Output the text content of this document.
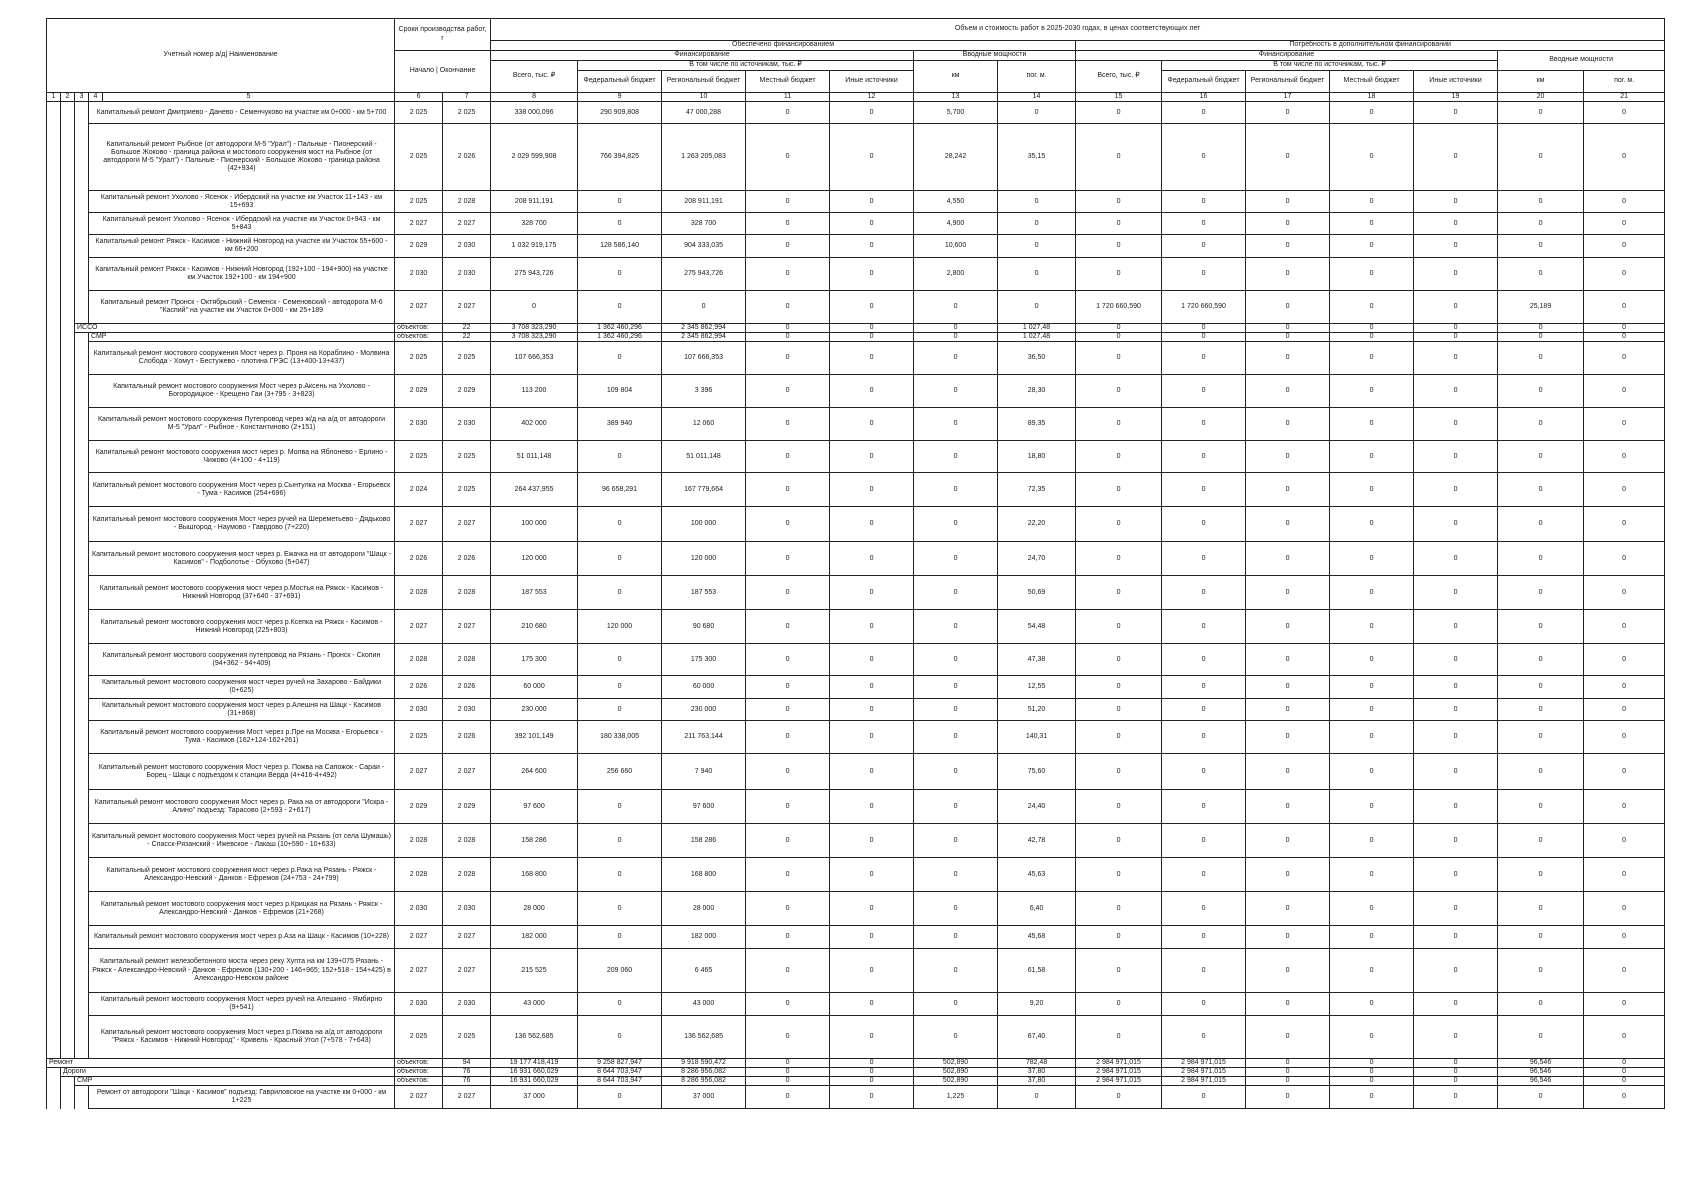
Учетный номер а/д| Наименование					Сроки производства работ, г		Объем и стоимость работ в 2025-2030 годах, в ценах соответствующих лет													
							Обеспечено финансированием							Потребность в дополнительном финансировании						
					Начало | Окончание		Финансирование					Вводные мощности		Финансирование					Вводные мощности	
							Всего, тыс. ₽	В том числе по источникам, тыс. ₽				км	пог. м.	Всего, тыс. ₽	В том числе по источникам, тыс. ₽					
								Федеральный бюджет	Региональный бюджет	Местный бюджет	Иные источники				Федеральный бюджет	Региональный бюджет	Местный бюджет	Иные источники	км	пог. м.
1	2	3	4	5	6	7	8	9	10	11	12	13	14	15	16	17	18	19	20	21
			Капитальный ремонт Дмитриево - Данево - Семенчуково на участке км 0+000 - км 5+700		2 025	2 025	338 000,096	290 909,808	47 000,288	0	0	5,700	0	0	0	0	0	0	0	0
			Капитальный ремонт Рыбное (от автодороги М-5 "Урал") - Пальные - Пионерский - Большое Жоково - граница района и мостового сооружения мост на Рыбное (от автодороги М-5 "Урал") - Пальные - Пионерский - Большое Жоково - граница района (42+934)		2 025	2 026	2 029 599,908	766 394,825	1 263 205,083	0	0	28,242	35,15	0	0	0	0	0	0	0
			Капитальный ремонт Ухолово - Ясенок - Ибердский на участке км Участок 11+143 - км 15+693		2 025	2 028	208 911,191	0	208 911,191	0	0	4,550	0	0	0	0	0	0	0	0
			Капитальный ремонт Ухолово - Ясенок - Ибердский на участке км Участок 0+943 - км 5+843		2 027	2 027	328 700	0	328 700	0	0	4,900	0	0	0	0	0	0	0	0
			Капитальный ремонт Ряжск - Касимов - Нижний Новгород на участке км Участок 55+600 - км 66+200		2 029	2 030	1 032 919,175	128 586,140	904 333,035	0	0	10,600	0	0	0	0	0	0	0	0
			Капитальный ремонт Ряжск - Касимов - Нижний Новгород (192+100 - 194+900) на участке км Участок 192+100 - км 194+900		2 030	2 030	275 943,726	0	275 943,726	0	0	2,800	0	0	0	0	0	0	0	0
			Капитальный ремонт Пронск - Октябрьский - Семенск - Семеновский - автодорога М-6 "Каспий" на участке км Участок 0+000 - км 25+189		2 027	2 027	0	0	0	0	0	0	0	1 720 660,590	1 720 660,590	0	0	0	25,189	0
		ИССО			объектов:	22	3 708 323,290	1 362 460,296	2 345 862,994	0	0	0	1 027,48	0	0	0	0	0	0	0
			СМР		объектов:	22	3 708 323,290	1 362 460,296	2 345 862,994	0	0	0	1 027,48	0	0	0	0	0	0	0
			Капитальный ремонт мостового сооружения Мост через р. Проня на Кораблино - Молвина Слобода - Хомут - Бестужево - плотина ГРЭС (13+400-13+437)		2 025	2 025	107 666,353	0	107 666,353	0	0	0	36,50	0	0	0	0	0	0	0
			Капитальный ремонт мостового сооружения Мост через р.Аксень на Ухолово - Богородицкое - Крещено Гаи (3+795 - 3+823)		2 029	2 029	113 200	109 804	3 396	0	0	0	28,30	0	0	0	0	0	0	0
			Капитальный ремонт мостового сооружения Путепровод через ж/д на а/д от автодороги М-5 "Урал" - Рыбное - Константиново (2+151)		2 030	2 030	402 000	389 940	12 060	0	0	0	89,35	0	0	0	0	0	0	0
			Капитальный ремонт мостового сооружения мост через р. Молва на Яблонево - Ерлино - Чижово (4+100 - 4+119)		2 025	2 025	51 011,148	0	51 011,148	0	0	0	18,80	0	0	0	0	0	0	0
			Капитальный ремонт мостового сооружения Мост через р.Сынтулка на Москва - Егорьевск - Тума - Касимов (254+696)		2 024	2 025	264 437,955	96 658,291	167 779,664	0	0	0	72,35	0	0	0	0	0	0	0
			Капитальный ремонт мостового сооружения Мост через ручей на Шереметьево - Дядьково - Вышгород - Наумово - Гаврдово (7+220)		2 027	2 027	100 000	0	100 000	0	0	0	22,20	0	0	0	0	0	0	0
			Капитальный ремонт мостового сооружения мост через р. Ежачка на от автодороги "Шацк - Касимов" - Подболотье - Обухово (5+047)		2 026	2 026	120 000	0	120 000	0	0	0	24,70	0	0	0	0	0	0	0
			Капитальный ремонт мостового сооружения мост через р.Мостья на Ряжск - Касимов - Нижний Новгород (37+640 - 37+691)		2 028	2 028	187 553	0	187 553	0	0	0	50,69	0	0	0	0	0	0	0
			Капитальный ремонт мостового сооружения мост через р.Ксепка на Ряжск - Касимов - Нижний Новгород (225+803)		2 027	2 027	210 680	120 000	90 680	0	0	0	54,48	0	0	0	0	0	0	0
			Капитальный ремонт мостового сооружения путепровод на Рязань - Пронск - Скопин (94+362 - 94+409)		2 028	2 028	175 300	0	175 300	0	0	0	47,38	0	0	0	0	0	0	0
			Капитальный ремонт мостового сооружения мост через ручей на Захарово - Байдики (0+625)		2 026	2 026	60 000	0	60 000	0	0	0	12,55	0	0	0	0	0	0	0
			Капитальный ремонт мостового сооружения мост через р.Алешня на Шацк - Касимов (31+868)		2 030	2 030	230 000	0	230 000	0	0	0	51,20	0	0	0	0	0	0	0
			Капитальный ремонт мостового сооружения Мост через р.Пре на Москва - Егорьевск - Тума - Касимов (162+124-162+261)		2 025	2 026	392 101,149	180 338,005	211 763,144	0	0	0	140,31	0	0	0	0	0	0	0
			Капитальный ремонт мостового сооружения Мост через р. Пожва на Сапожок - Сараи - Борец - Шацк с подъездом к станции Верда (4+416-4+492)		2 027	2 027	264 600	256 660	7 940	0	0	0	75,60	0	0	0	0	0	0	0
			Капитальный ремонт мостового сооружения Мост через р. Рака на от автодороги "Искра - Алино" подъезд: Тарасово (2+593 - 2+617)		2 029	2 029	97 600	0	97 600	0	0	0	24,40	0	0	0	0	0	0	0
			Капитальный ремонт мостового сооружения Мост через ручей на Рязань (от села Шумашь) - Спасск-Рязанский - Ижевское - Лакаш (10+590 - 10+633)		2 028	2 028	158 286	0	158 286	0	0	0	42,78	0	0	0	0	0	0	0
			Капитальный ремонт мостового сооружения мост через р.Рака на Рязань - Ряжск - Александро-Невский - Данков - Ефремов (24+753 - 24+799)		2 028	2 028	168 800	0	168 800	0	0	0	45,63	0	0	0	0	0	0	0
			Капитальный ремонт мостового сооружения мост через р.Крицкая на Рязань - Ряжск - Александро-Невский - Данков - Ефремов (21+268)		2 030	2 030	28 000	0	28 000	0	0	0	6,40	0	0	0	0	0	0	0
			Капитальный ремонт мостового сооружения мост через р.Аза на Шацк - Касимов (10+228)		2 027	2 027	182 000	0	182 000	0	0	0	45,68	0	0	0	0	0	0	0
			Капитальный ремонт железобетонного моста через реку Хупта на км 139+075 Рязань - Ряжск - Александро-Невский - Данков - Ефремов (130+200 - 146+965; 152+518 - 154+425) в Александро-Невском районе		2 027	2 027	215 525	209 060	6 465	0	0	0	61,58	0	0	0	0	0	0	0
			Капитальный ремонт мостового сооружения Мост через ручей на Алешино - Ямбирно (9+541)		2 030	2 030	43 000	0	43 000	0	0	0	9,20	0	0	0	0	0	0	0
			Капитальный ремонт мостового сооружения Мост через р.Пожва на а/д от автодороги "Ряжск - Касимов - Нижний Новгород" - Кривель - Красный Угол (7+578 - 7+643)		2 025	2 025	136 562,685	0	136 562,685	0	0	0	67,40	0	0	0	0	0	0	0
Ремонт					объектов:	94	19 177 418,419	9 258 827,947	9 918 590,472	0	0	502,890	782,48	2 984 971,015	2 984 971,015	0	0	0	96,546	0
	Дороги				объектов:	76	16 931 660,029	8 644 703,947	8 286 956,082	0	0	502,890	37,80	2 984 971,015	2 984 971,015	0	0	0	96,546	0
		СМР			объектов:	76	16 931 660,029	8 644 703,947	8 286 956,082	0	0	502,890	37,80	2 984 971,015	2 984 971,015	0	0	0	96,546	0
			Ремонт от автодороги "Шацк - Касимов" подъезд: Гавриловское на участке км 0+000 - км 1+225		2 027	2 027	37 000	0	37 000	0	0	1,225	0	0	0	0	0	0	0	0
